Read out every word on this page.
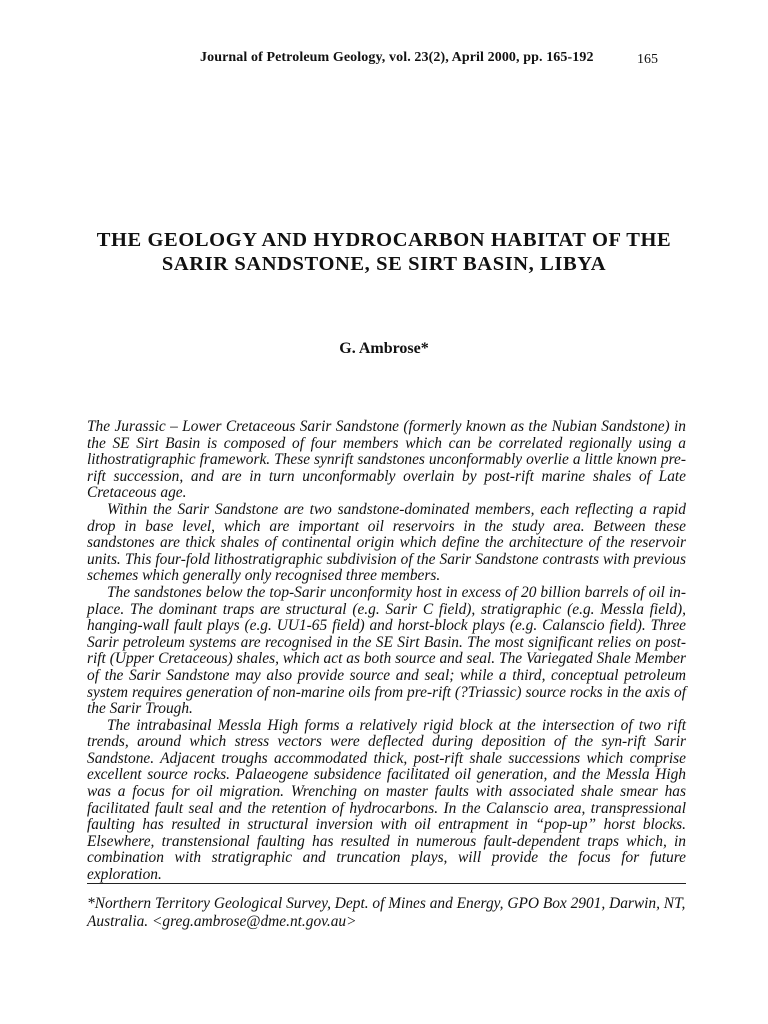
Journal of Petroleum Geology, vol. 23(2), April 2000, pp. 165-192	165
THE GEOLOGY AND HYDROCARBON HABITAT OF THE SARIR SANDSTONE, SE SIRT BASIN, LIBYA
G. Ambrose*

The Jurassic – Lower Cretaceous Sarir Sandstone (formerly known as the Nubian Sandstone) in the SE Sirt Basin is composed of four members which can be correlated regionally using a lithostratigraphic framework. These synrift sandstones unconformably overlie a little known pre-rift succession, and are in turn unconformably overlain by post-rift marine shales of Late Cretaceous age.

Within the Sarir Sandstone are two sandstone-dominated members, each reflecting a rapid drop in base level, which are important oil reservoirs in the study area. Between these sandstones are thick shales of continental origin which define the architecture of the reservoir units. This four-fold lithostratigraphic subdivision of the Sarir Sandstone contrasts with previous schemes which generally only recognised three members.

The sandstones below the top-Sarir unconformity host in excess of 20 billion barrels of oil in-place. The dominant traps are structural (e.g. Sarir C field), stratigraphic (e.g. Messla field), hanging-wall fault plays (e.g. UU1-65 field) and horst-block plays (e.g. Calanscio field). Three Sarir petroleum systems are recognised in the SE Sirt Basin. The most significant relies on post-rift (Upper Cretaceous) shales, which act as both source and seal. The Variegated Shale Member of the Sarir Sandstone may also provide source and seal; while a third, conceptual petroleum system requires generation of non-marine oils from pre-rift (?Triassic) source rocks in the axis of the Sarir Trough.

The intrabasinal Messla High forms a relatively rigid block at the intersection of two rift trends, around which stress vectors were deflected during deposition of the syn-rift Sarir Sandstone. Adjacent troughs accommodated thick, post-rift shale successions which comprise excellent source rocks. Palaeogene subsidence facilitated oil generation, and the Messla High was a focus for oil migration. Wrenching on master faults with associated shale smear has facilitated fault seal and the retention of hydrocarbons. In the Calanscio area, transpressional faulting has resulted in structural inversion with oil entrapment in “pop-up” horst blocks. Elsewhere, transtensional faulting has resulted in numerous fault-dependent traps which, in combination with stratigraphic and truncation plays, will provide the focus for future exploration.

*Northern Territory Geological Survey, Dept. of Mines and Energy, GPO Box 2901, Darwin, NT, Australia. <greg.ambrose@dme.nt.gov.au>
